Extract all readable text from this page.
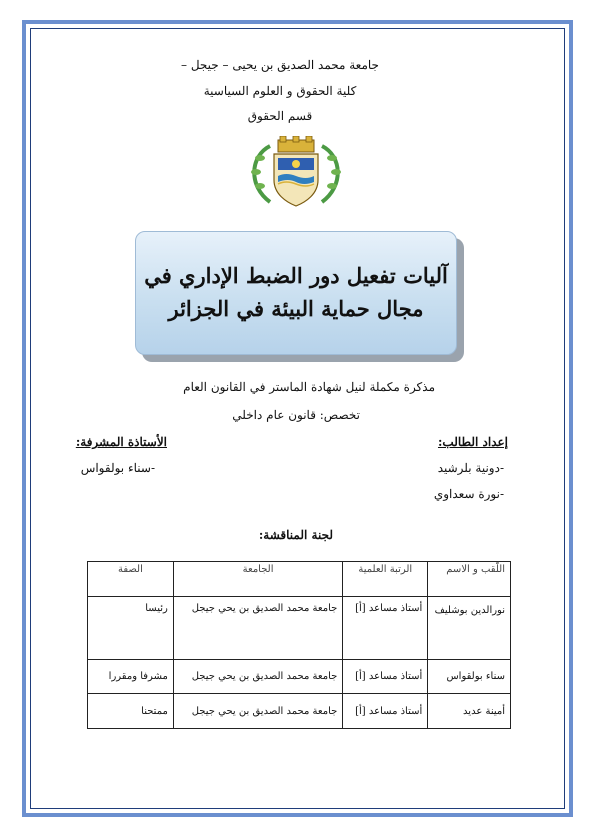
جامعة محمد الصديق بن يحيى – جيجل –
كلية الحقوق و العلوم السياسية
قسم الحقوق
آليات تفعيل دور الضبط الإداري في
مجال حماية البيئة في الجزائر
مذكرة مكملة لنيل شهادة الماستر في القانون العام
تخصص: قانون عام داخلي
إعداد الطالب:
الأستاذة المشرفة:
-دونية بلرشيد
-نورة سعداوي
-سناء بولقواس
لجنة المناقشة:
اللّقب و الاسم	الرتبة العلمية	الجامعة	الصفة
نورالدين بوشليف	أستاذ مساعد [أ]	جامعة محمد الصديق بن يحي جيجل	رئيسا
سناء بولقواس	أستاذ مساعد [أ]	جامعة محمد الصديق بن يحي جيجل	مشرفا ومقررا
أمينة عديد	أستاذ مساعد [أ]	جامعة محمد الصديق بن يحي جيجل	ممتحنا
